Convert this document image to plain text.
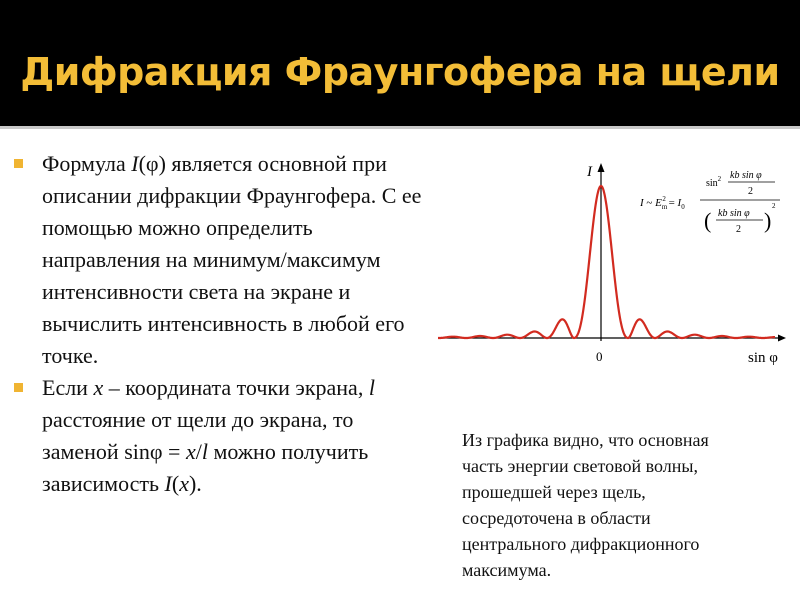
Дифракция Фраунгофера на щели
Формула I(φ) является основной при описании дифракции Фраунгофера. С ее помощью можно определить направления на минимум/максимум интенсивности света на экране и вычислить интенсивность в любой его точке.
Если x – координата точки экрана, l расстояние от щели до экрана, то заменой sinφ = x/l можно получить зависимость I(x).
I
0	sin φ
I ~ $E_m2 = I_0$
$\sin^2$ kb sin φ
2
( kb sin φ
2 )
2
Из графика видно, что основная
часть энергии световой волны,
прошедшей через щель,
сосредоточена в области
центрального дифракционного
максимума.
